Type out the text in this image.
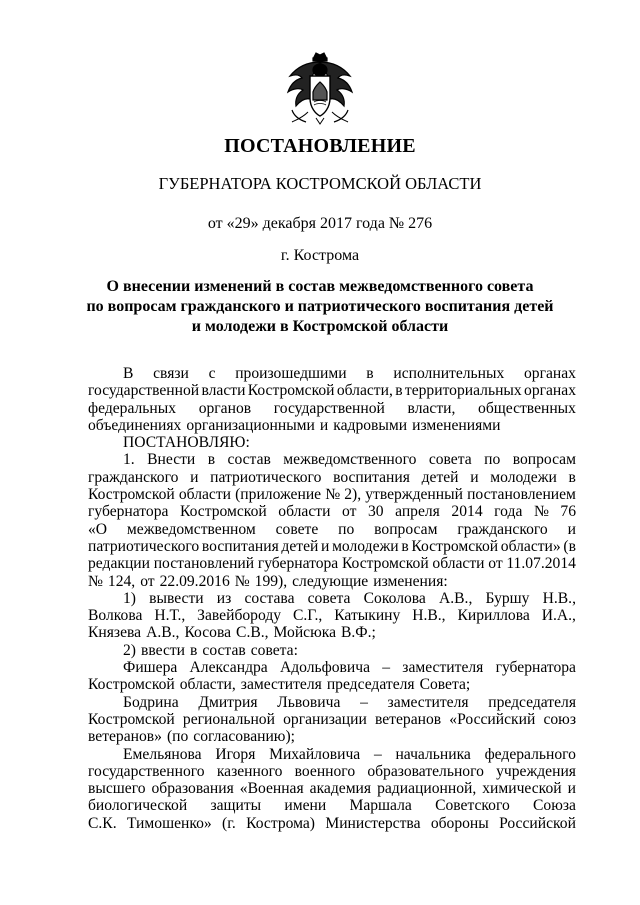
ПОСТАНОВЛЕНИЕ
ГУБЕРНАТОРА КОСТРОМСКОЙ ОБЛАСТИ
от «29» декабря 2017 года № 276
г. Кострома
О внесении изменений в состав межведомственного совета
по вопросам гражданского и патриотического воспитания детей
и молодежи в Костромской области
В связи с произошедшими в исполнительных органах
государственной власти Костромской области, в территориальных органах
федеральных органов государственной власти, общественных
объединениях организационными и кадровыми изменениями
ПОСТАНОВЛЯЮ:
1. Внести в состав межведомственного совета по вопросам
гражданского и патриотического воспитания детей и молодежи в
Костромской области (приложение № 2), утвержденный постановлением
губернатора Костромской области от 30 апреля 2014 года № 76
«О межведомственном совете по вопросам гражданского и
патриотического воспитания детей и молодежи в Костромской области» (в
редакции постановлений губернатора Костромской области от 11.07.2014
№ 124, от 22.09.2016 № 199), следующие изменения:
1) вывести из состава совета Соколова А.В., Буршу Н.В.,
Волкова Н.Т., Завейбороду С.Г., Катыкину Н.В., Кириллова И.А.,
Князева А.В., Косова С.В., Мойсюка В.Ф.;
2) ввести в состав совета:
Фишера Александра Адольфовича – заместителя губернатора
Костромской области, заместителя председателя Совета;
Бодрина Дмитрия Львовича – заместителя председателя
Костромской региональной организации ветеранов «Российский союз
ветеранов» (по согласованию);
Емельянова Игоря Михайловича – начальника федерального
государственного казенного военного образовательного учреждения
высшего образования «Военная академия радиационной, химической и
биологической защиты имени Маршала Советского Союза
С.К. Тимошенко» (г. Кострома) Министерства обороны Российской
